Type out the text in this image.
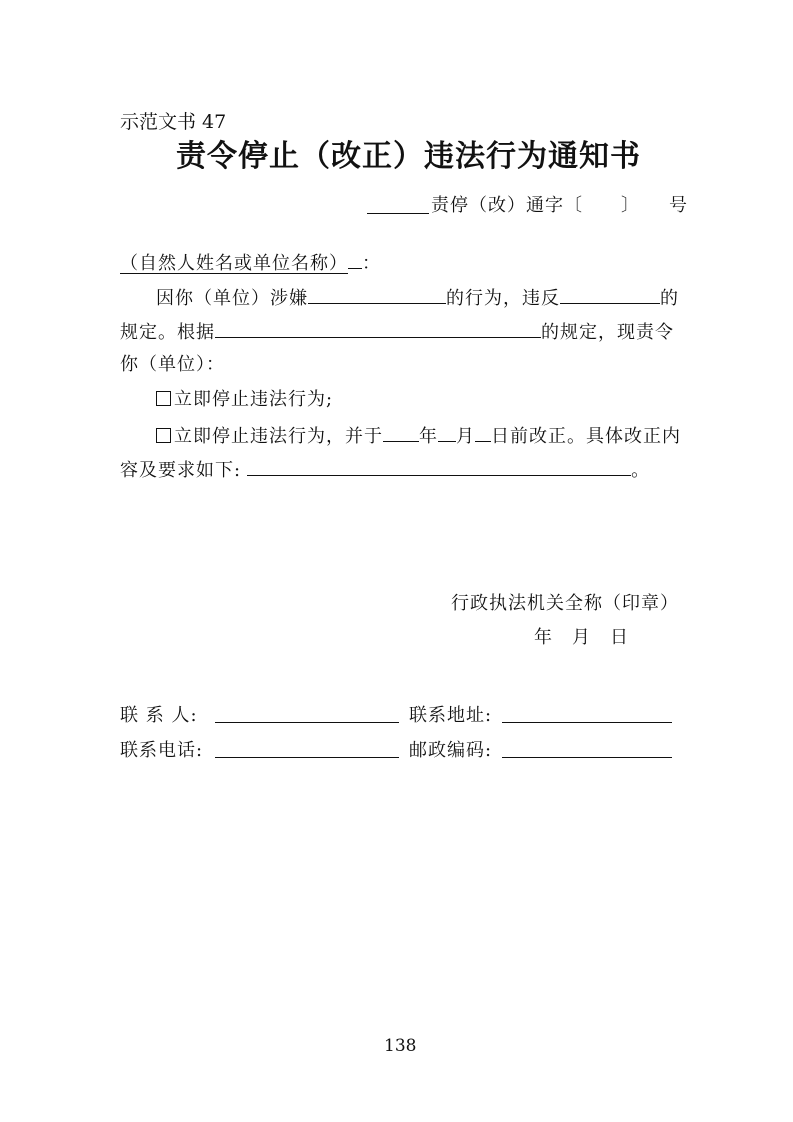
示范文书 47
责令停止（改正）违法行为通知书
责停（改）通字〔　　〕　　号
（自然人姓名或单位名称） ：
因你（单位）涉嫌	的行为，违反	的
规定。根据	的规定，现责令
你（单位）：
立即停止违法行为;
立即停止违法行为，并于 年 月 日前改正。具体改正内
容及要求如下:	。
行政执法机关全称（印章）
年　月　日
联 系 人:	联系地址:
联系电话:	邮政编码:
138
